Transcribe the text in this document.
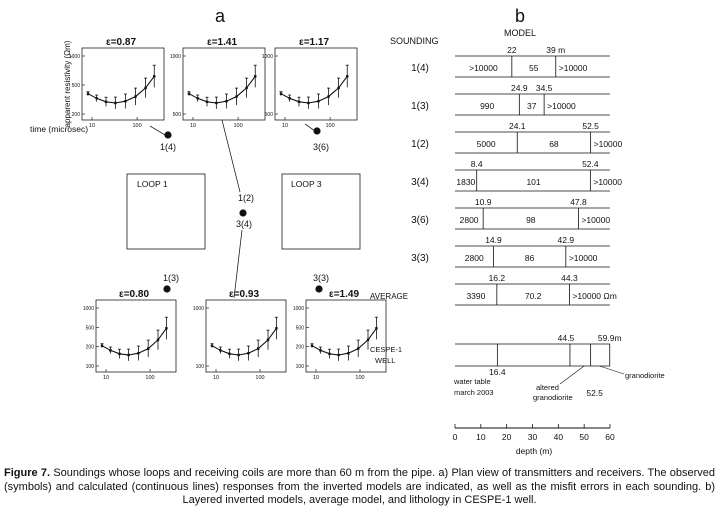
a
1000
500
200
10	100
ε=0.87
1000
500
10	100
ε=1.41
1000
500
10	100
ε=1.17
1000
500
200
100
10	100
ε=0.80
1000
100
10	100
ε=0.93
1000
500
200
100
10	100
ε=1.49
apparent resistivity (Ωm)
time (microsec)
LOOP 1	LOOP 3
1(4)	3(6)
1(2)
3(4)
1(3)	3(3)
b
SOUNDING
MODEL
22	39 m
1(4)	>10000	55 >10000
24.9 34.5
1(3)	990	37 >10000
24.1	52.5
1(2)	5000	68	>10000
8.4	52.4
3(4)	1830	101	>10000
10.9	47.8
3(6)	2800	98	>10000
14.9	42.9
3(3)	2800	86	>10000
16.2	44.3
AVERAGE	3390	70.2	>10000 Ωm
CESPE-1
WELL
44.5	59.9m
16.4
52.5
water table
march 2003
altered
granodiorite
granodiorite
0 10 20 30 40 50 60
depth (m)
Figure 7. Soundings whose loops and receiving coils are more than 60 m from the pipe. a) Plan view of transmitters and receivers. The observed (symbols) and calculated (continuous lines) responses from the inverted models are indicated, as well as the misfit errors in each sounding. b) Layered inverted models, average model, and lithology in CESPE-1 well.
